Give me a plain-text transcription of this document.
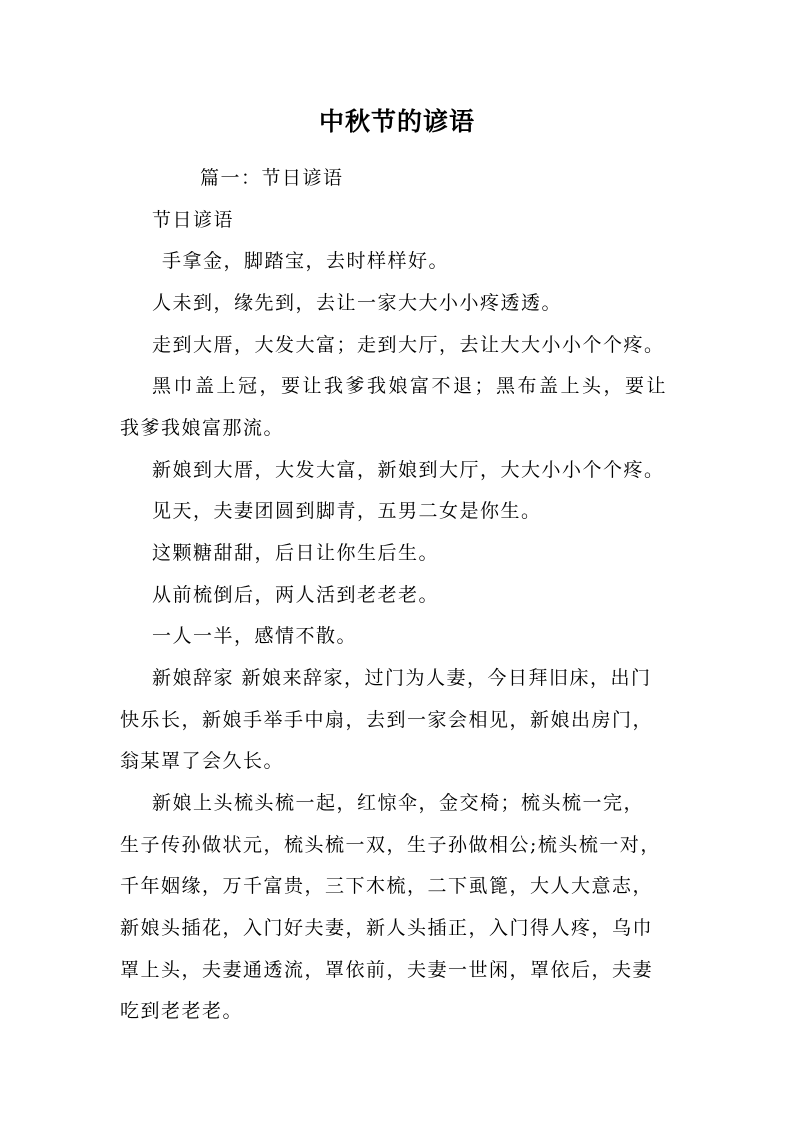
中秋节的谚语
篇一：节日谚语
节日谚语
手拿金，脚踏宝，去时样样好。
人未到，缘先到，去让一家大大小小疼透透。
走到大厝，大发大富；走到大厅，去让大大小小个个疼。
黑巾盖上冠，要让我爹我娘富不退；黑布盖上头，要让
我爹我娘富那流。
新娘到大厝，大发大富，新娘到大厅，大大小小个个疼。
见天，夫妻团圆到脚青，五男二女是你生。
这颗糖甜甜，后日让你生后生。
从前梳倒后，两人活到老老老。
一人一半，感情不散。
新娘辞家 新娘来辞家，过门为人妻，今日拜旧床，出门
快乐长，新娘手举手中扇，去到一家会相见，新娘出房门，
翁某罩了会久长。
新娘上头梳头梳一起，红惊伞，金交椅；梳头梳一完，
生子传孙做状元，梳头梳一双，生子孙做相公;梳头梳一对，
千年姻缘，万千富贵，三下木梳，二下虱篦，大人大意志，
新娘头插花，入门好夫妻，新人头插正，入门得人疼，乌巾
罩上头，夫妻通透流，罩依前，夫妻一世闲，罩依后，夫妻
吃到老老老。
